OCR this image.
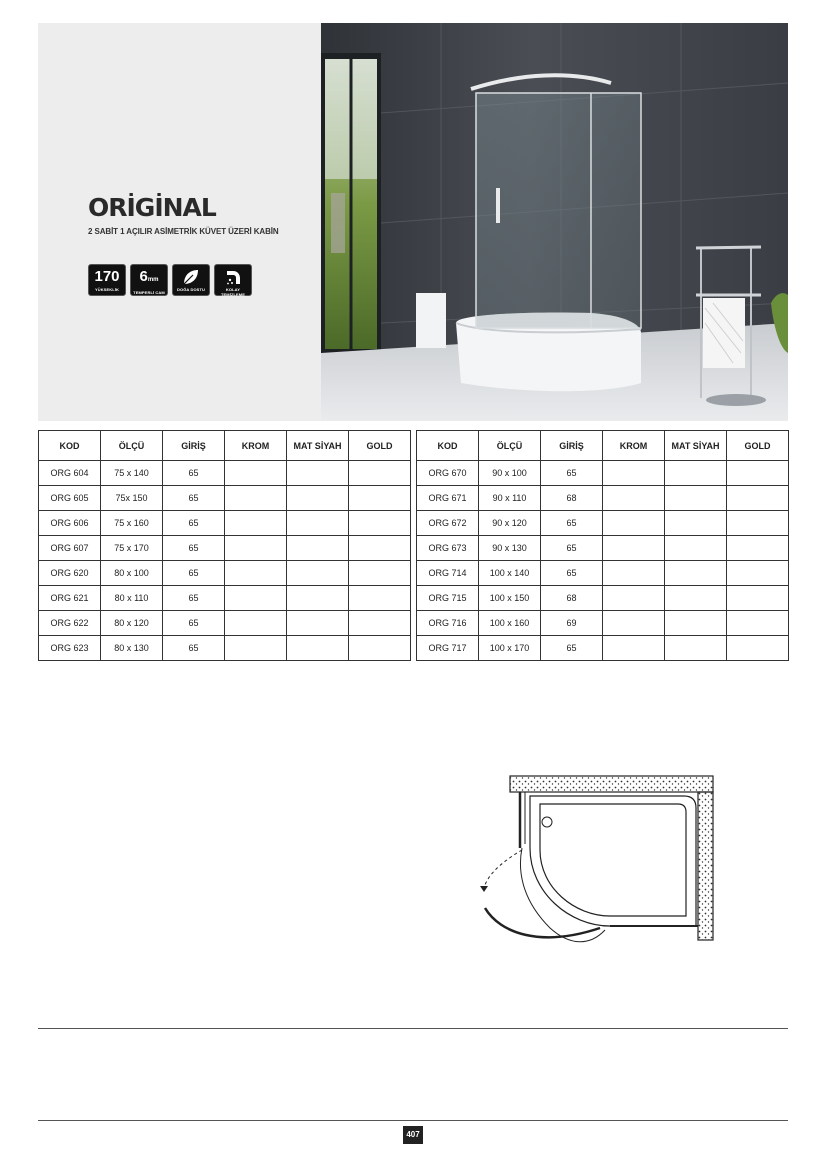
ORİGİNAL
2 SABİT 1 AÇILIR ASİMETRİK KÜVET ÜZERİ KABİN
170
YÜKSEKLİK
6mm
TEMPERLİ CAM
DOĞA DOSTU	KOLAY TEMİZLEME
KOD	ÖLÇÜ	GİRİŞ	KROM	MAT SİYAH	GOLD
ORG 604	75 x 140	65			
ORG 605	75x 150	65			
ORG 606	75 x 160	65			
ORG 607	75 x 170	65			
ORG 620	80 x 100	65			
ORG 621	80 x 110	65			
ORG 622	80 x 120	65			
ORG 623	80 x 130	65			
KOD	ÖLÇÜ	GİRİŞ	KROM	MAT SİYAH	GOLD
ORG 670	90 x 100	65			
ORG 671	90 x 110	68			
ORG 672	90 x 120	65			
ORG 673	90 x 130	65			
ORG 714	100 x 140	65			
ORG 715	100 x 150	68			
ORG 716	100 x 160	69			
ORG 717	100 x 170	65			
407
